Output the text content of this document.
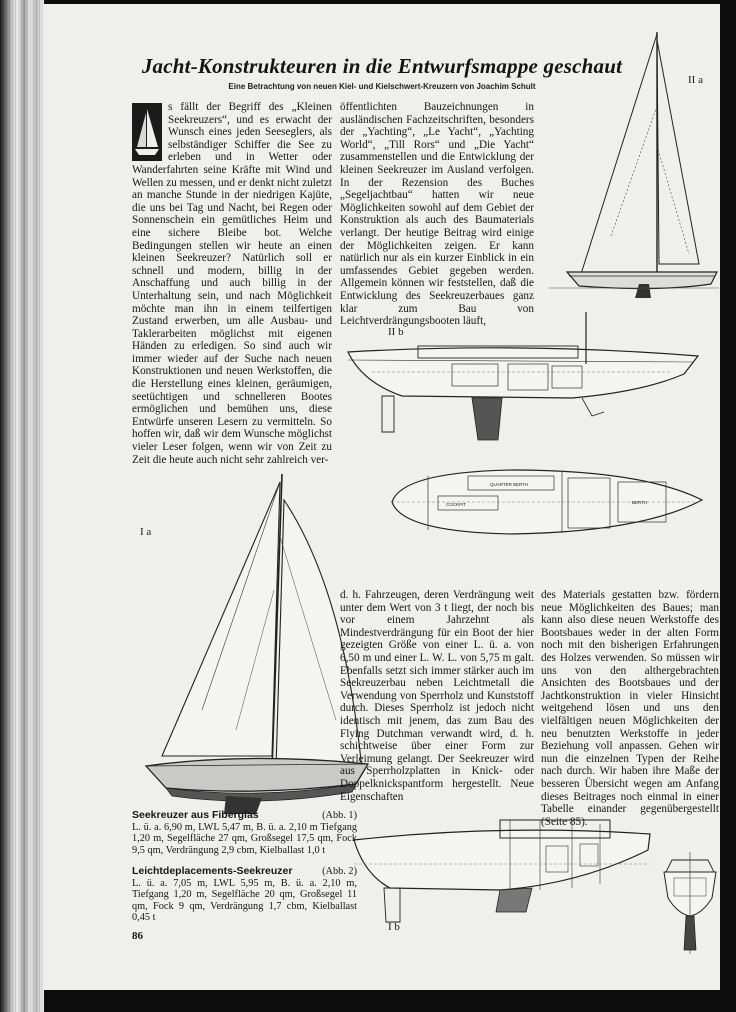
Jacht-Konstrukteuren in die Entwurfsmappe geschaut
Eine Betrachtung von neuen Kiel- und Kielschwert-Kreuzern von Joachim Schult

s fällt der Begriff des „Kleinen Seekreuzers“, und es erwacht der Wunsch eines jeden Seeseglers, als selbständiger Schiffer die See zu erleben und in Wetter oder Wanderfahrten seine Kräfte mit Wind und Wellen zu messen, und er denkt nicht zuletzt an manche Stunde in der niedrigen Kajüte, die uns bei Tag und Nacht, bei Regen oder Sonnenschein ein gemütliches Heim und eine sichere Bleibe bot. Welche Bedingungen stellen wir heute an einen kleinen Seekreuzer? Natürlich soll er schnell und modern, billig in der Anschaffung und auch billig in der Unterhaltung sein, und nach Möglichkeit möchte man ihn in einem teilfertigen Zustand erwerben, um alle Ausbau- und Taklerarbeiten möglichst mit eigenen Händen zu erledigen. So sind auch wir immer wieder auf der Suche nach neuen Konstruktionen und neuen Werkstoffen, die die Herstellung eines kleinen, geräumigen, seetüchtigen und schnelleren Bootes ermöglichen und bemühen uns, diese Entwürfe unseren Lesern zu vermitteln. So hoffen wir, daß wir dem Wunsche möglichst vieler Leser folgen, wenn wir von Zeit zu Zeit die heute auch nicht sehr zahlreich ver-

öffentlichten Bauzeichnungen in ausländischen Fachzeitschriften, besonders der „Yachting“, „Le Yacht“, „Yachting World“, „Till Rors“ und „Die Yacht“ zusammenstellen und die Entwicklung der kleinen Seekreuzer im Ausland verfolgen. In der Rezension des Buches „Segeljachtbau“ hatten wir neue Möglichkeiten sowohl auf dem Gebiet der Konstruktion als auch des Baumaterials verlangt. Der heutige Beitrag wird einige der Möglichkeiten zeigen. Er kann natürlich nur als ein kurzer Einblick in ein umfassendes Gebiet gegeben werden. Allgemein können wir feststellen, daß die Entwicklung des Seekreuzerbaues ganz klar zum Bau von Leichtverdrängungsbooten läuft,

II a
II b
QUARTER BERTH
COCKPIT	BERTH
I a

d. h. Fahrzeugen, deren Verdrängung weit unter dem Wert von 3 t liegt, der noch bis vor einem Jahrzehnt als Mindestverdrängung für ein Boot der hier gezeigten Größe von einer L. ü. a. von 6,50 m und einer L. W. L. von 5,75 m galt. Ebenfalls setzt sich immer stärker auch im Seekreuzerbau neben Leichtmetall die Verwendung von Sperrholz und Kunststoff durch. Dieses Sperrholz ist jedoch nicht identisch mit jenem, das zum Bau des Flying Dutchman verwandt wird, d. h. schichtweise über einer Form zur Verleimung gelangt. Der Seekreuzer wird aus Sperrholzplatten in Knick- oder Doppelknickspantform hergestellt. Neue Eigenschaften

des Materials gestatten bzw. fördern neue Möglichkeiten des Baues; man kann also diese neuen Werkstoffe des Bootsbaues weder in der alten Form noch mit den bisherigen Erfahrungen des Holzes verwenden. So müssen wir uns von den althergebrachten Ansichten des Bootsbaues und der Jachtkonstruktion in vieler Hinsicht weitgehend lösen und uns den vielfältigen neuen Möglichkeiten der neu benutzten Werkstoffe in jeder Beziehung voll anpassen. Gehen wir nun die einzelnen Typen der Reihe nach durch. Wir haben ihre Maße der besseren Übersicht wegen am Anfang dieses Beitrages noch einmal in einer Tabelle einander gegenübergestellt (Seite 85).

Seekreuzer aus Fiberglas	(Abb. 1)
L. ü. a. 6,90 m, LWL 5,47 m, B. ü. a. 2,10 m Tiefgang 1,20 m, Segelfläche 27 qm, Großsegel 17,5 qm, Fock 9,5 qm, Verdrängung 2,9 cbm, Kielballast 1,0 t
Leichtdeplacements-Seekreuzer	(Abb. 2)
L. ü. a. 7,05 m, LWL 5,95 m, B. ü. a. 2,10 m, Tiefgang 1,20 m, Segelfläche 20 qm, Großsegel 11 qm, Fock 9 qm, Verdrängung 1,7 cbm, Kielballast 0,45 t
86
I b
